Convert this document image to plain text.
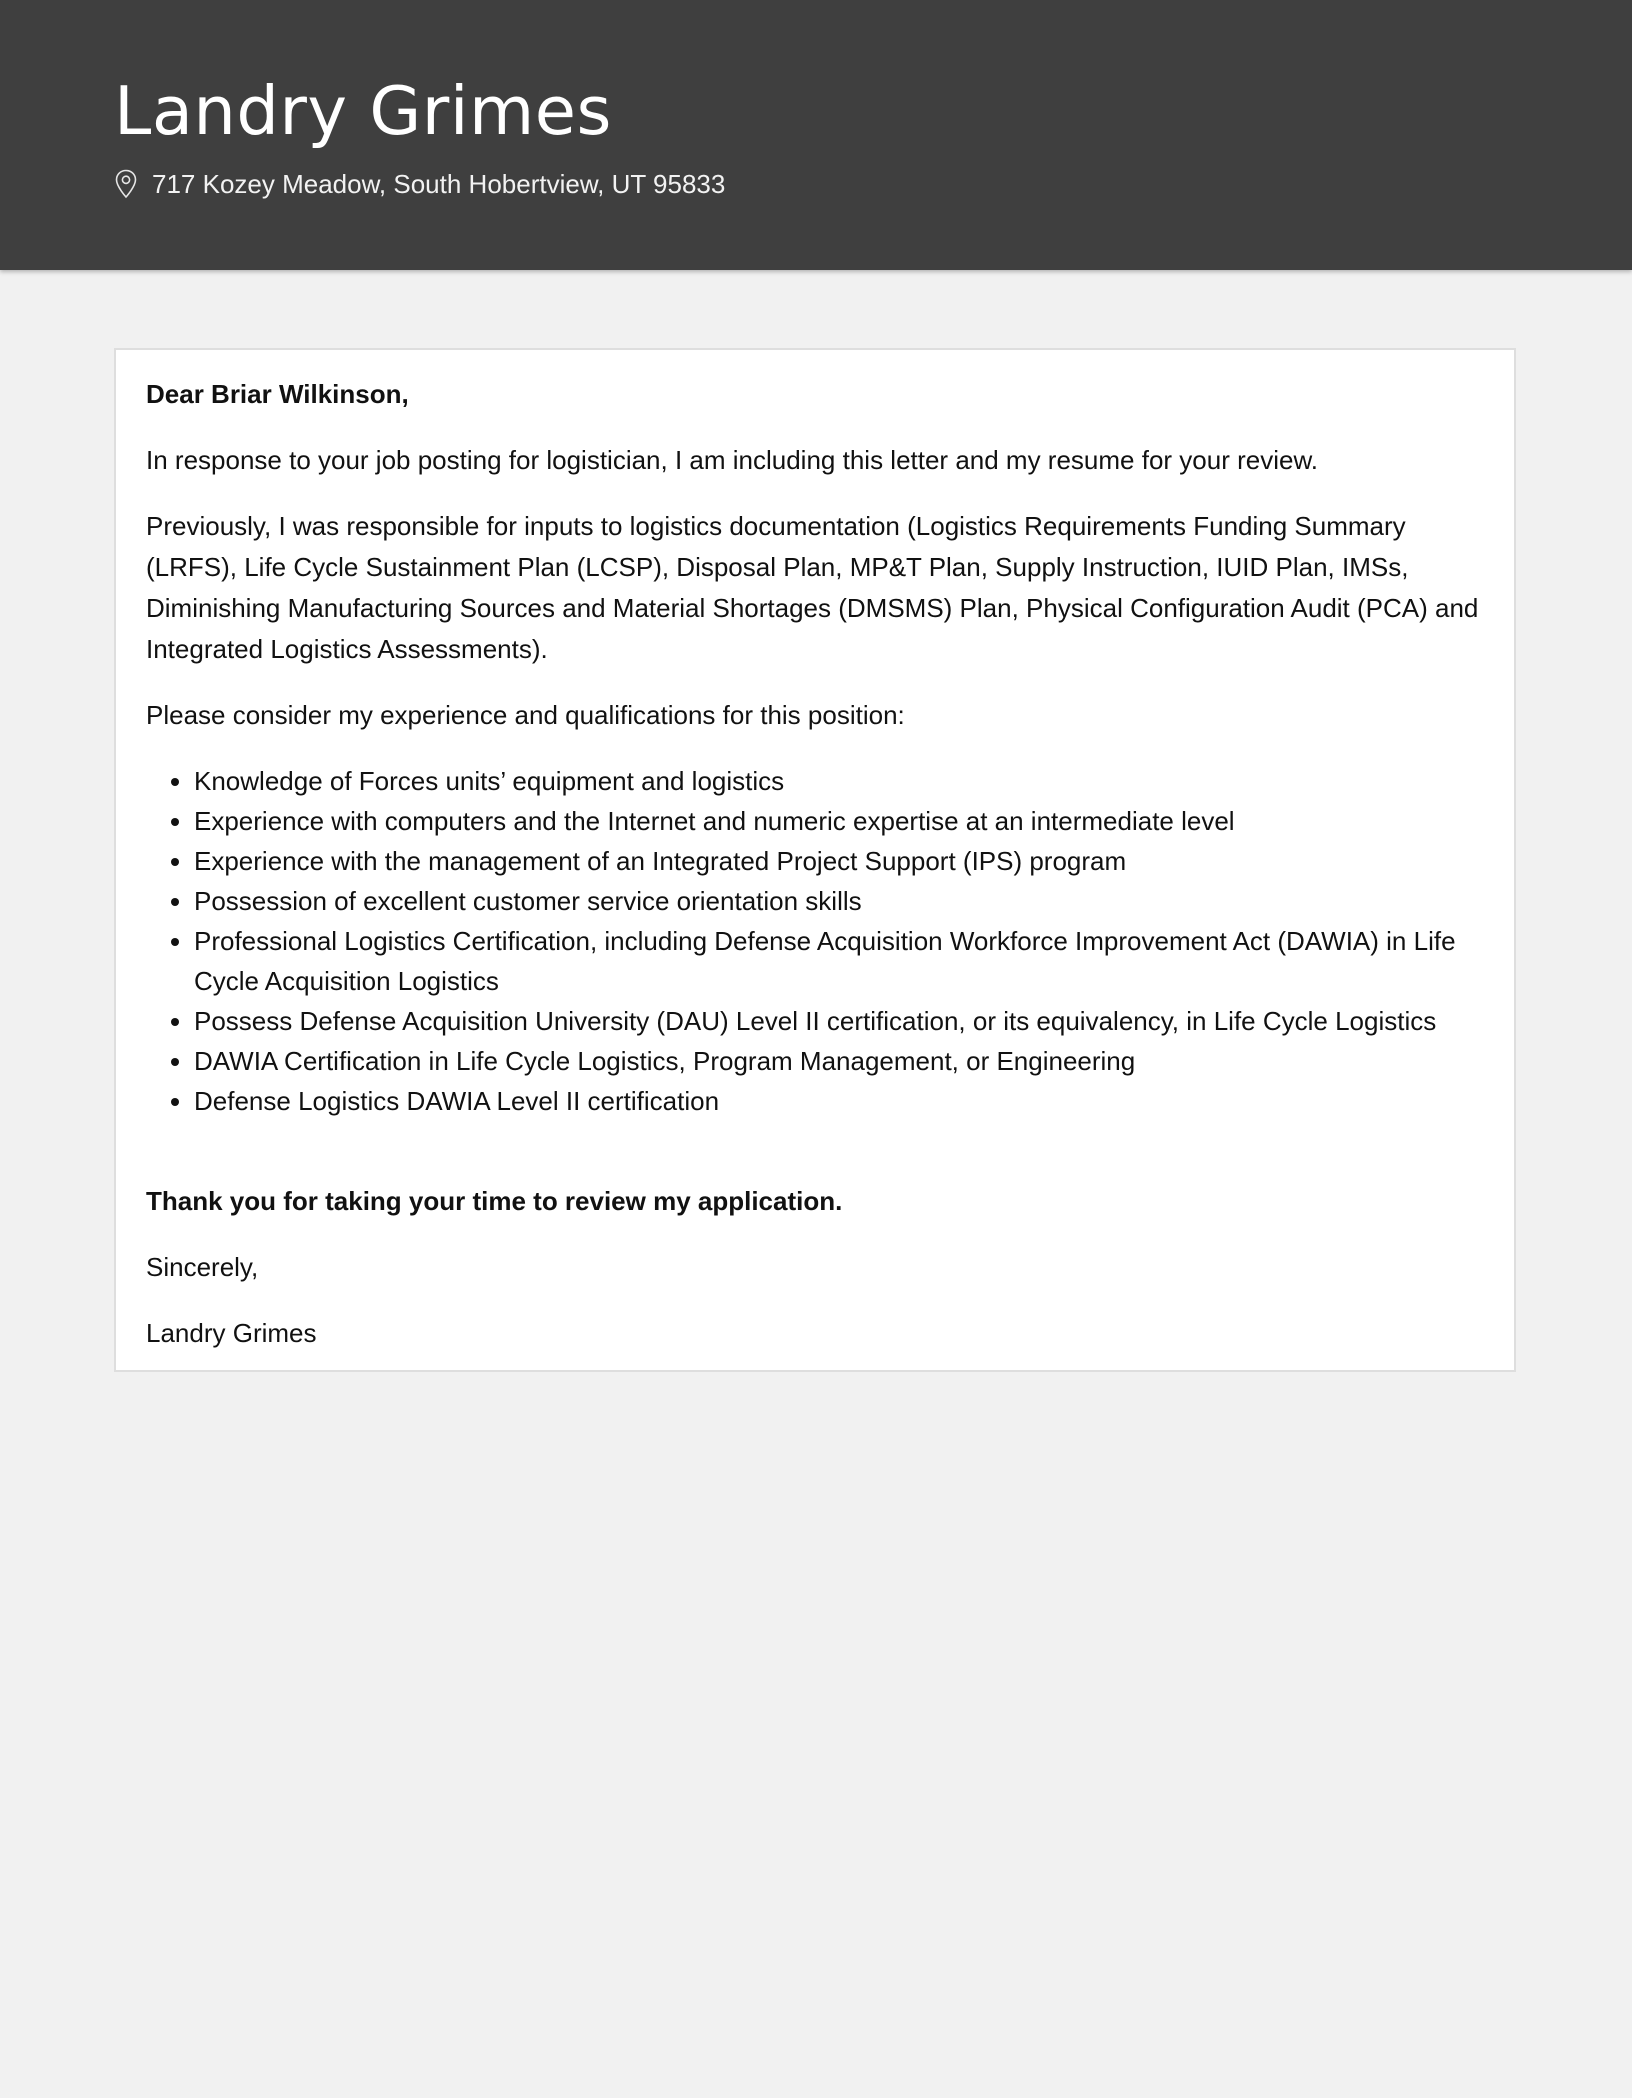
Landry Grimes
717 Kozey Meadow, South Hobertview, UT 95833

Dear Briar Wilkinson,

In response to your job posting for logistician, I am including this letter and my resume for your review.

Previously, I was responsible for inputs to logistics documentation (Logistics Requirements Funding Summary (LRFS), Life Cycle Sustainment Plan (LCSP), Disposal Plan, MP&T Plan, Supply Instruction, IUID Plan, IMSs, Diminishing Manufacturing Sources and Material Shortages (DMSMS) Plan, Physical Configuration Audit (PCA) and Integrated Logistics Assessments).

Please consider my experience and qualifications for this position:

• Knowledge of Forces units’ equipment and logistics
• Experience with computers and the Internet and numeric expertise at an intermediate level
• Experience with the management of an Integrated Project Support (IPS) program
• Possession of excellent customer service orientation skills
• Professional Logistics Certification, including Defense Acquisition Workforce Improvement Act (DAWIA) in Life Cycle Acquisition Logistics
• Possess Defense Acquisition University (DAU) Level II certification, or its equivalency, in Life Cycle Logistics
• DAWIA Certification in Life Cycle Logistics, Program Management, or Engineering
• Defense Logistics DAWIA Level II certification

Thank you for taking your time to review my application.

Sincerely,

Landry Grimes
